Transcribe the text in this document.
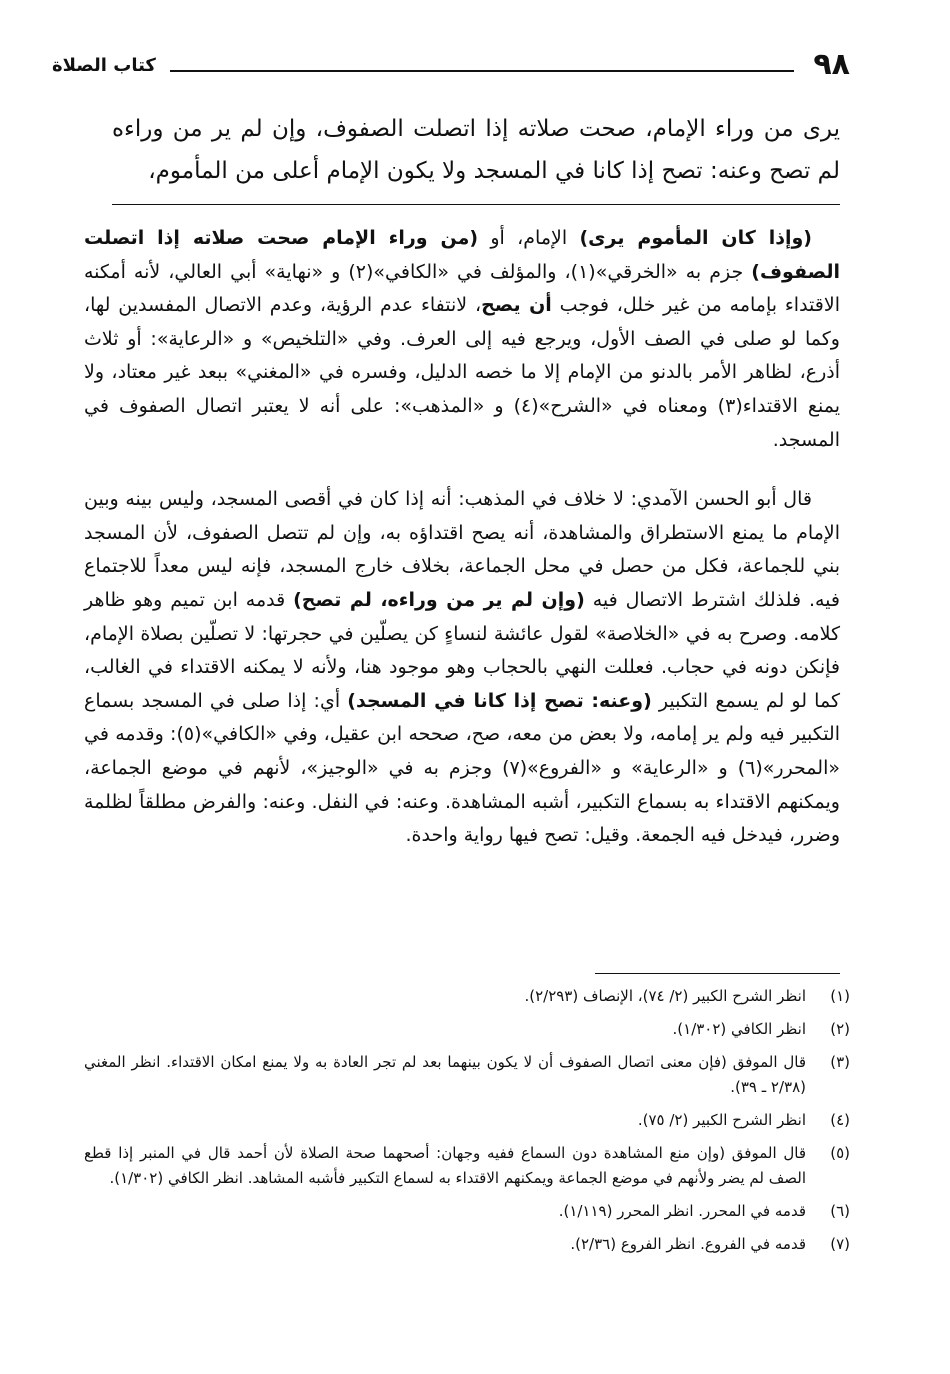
٩٨
كتاب الصلاة
يرى من وراء الإمام، صحت صلاته إذا اتصلت الصفوف، وإن لم ير من وراءه لم تصح وعنه: تصح إذا كانا في المسجد ولا يكون الإمام أعلى من المأموم،

(وإذا كان المأموم يرى) الإمام، أو (من وراء الإمام صحت صلاته إذا اتصلت الصفوف) جزم به «الخرقي»(١)، والمؤلف في «الكافي»(٢) و «نهاية» أبي العالي، لأنه أمكنه الاقتداء بإمامه من غير خلل، فوجب أن يصح، لانتفاء عدم الرؤية، وعدم الاتصال المفسدين لها، وكما لو صلى في الصف الأول، ويرجع فيه إلى العرف. وفي «التلخيص» و «الرعاية»: أو ثلاث أذرع، لظاهر الأمر بالدنو من الإمام إلا ما خصه الدليل، وفسره في «المغني» ببعد غير معتاد، ولا يمنع الاقتداء(٣) ومعناه في «الشرح»(٤) و «المذهب»: على أنه لا يعتبر اتصال الصفوف في المسجد.

قال أبو الحسن الآمدي: لا خلاف في المذهب: أنه إذا كان في أقصى المسجد، وليس بينه وبين الإمام ما يمنع الاستطراق والمشاهدة، أنه يصح اقتداؤه به، وإن لم تتصل الصفوف، لأن المسجد بني للجماعة، فكل من حصل في محل الجماعة، بخلاف خارج المسجد، فإنه ليس معداً للاجتماع فيه. فلذلك اشترط الاتصال فيه (وإن لم ير من وراءه، لم تصح) قدمه ابن تميم وهو ظاهر كلامه. وصرح به في «الخلاصة» لقول عائشة لنساءٍ كن يصلّين في حجرتها: لا تصلّين بصلاة الإمام، فإنكن دونه في حجاب. فعللت النهي بالحجاب وهو موجود هنا، ولأنه لا يمكنه الاقتداء في الغالب، كما لو لم يسمع التكبير (وعنه: تصح إذا كانا في المسجد) أي: إذا صلى في المسجد بسماع التكبير فيه ولم ير إمامه، ولا بعض من معه، صح، صححه ابن عقيل، وفي «الكافي»(٥): وقدمه في «المحرر»(٦) و «الرعاية» و «الفروع»(٧) وجزم به في «الوجيز»، لأنهم في موضع الجماعة، ويمكنهم الاقتداء به بسماع التكبير، أشبه المشاهدة. وعنه: في النفل. وعنه: والفرض مطلقاً لظلمة وضرر، فيدخل فيه الجمعة. وقيل: تصح فيها رواية واحدة.

(١)
انظر الشرح الكبير (٢/ ٧٤)، الإنصاف (٢/٢٩٣).
(٢)
انظر الكافي (١/٣٠٢).
(٣)
قال الموفق (فإن معنى اتصال الصفوف أن لا يكون بينهما بعد لم تجر العادة به ولا يمنع امكان الاقتداء. انظر المغني (٢/٣٨ ـ ٣٩).
(٤)
انظر الشرح الكبير (٢/ ٧٥).
(٥)
قال الموفق (وإن منع المشاهدة دون السماع ففيه وجهان: أصحهما صحة الصلاة لأن أحمد قال في المنبر إذا قطع الصف لم يضر ولأنهم في موضع الجماعة ويمكنهم الاقتداء به لسماع التكبير فأشبه المشاهد. انظر الكافي (١/٣٠٢).
(٦)
قدمه في المحرر. انظر المحرر (١/١١٩).
(٧)
قدمه في الفروع. انظر الفروع (٢/٣٦).
